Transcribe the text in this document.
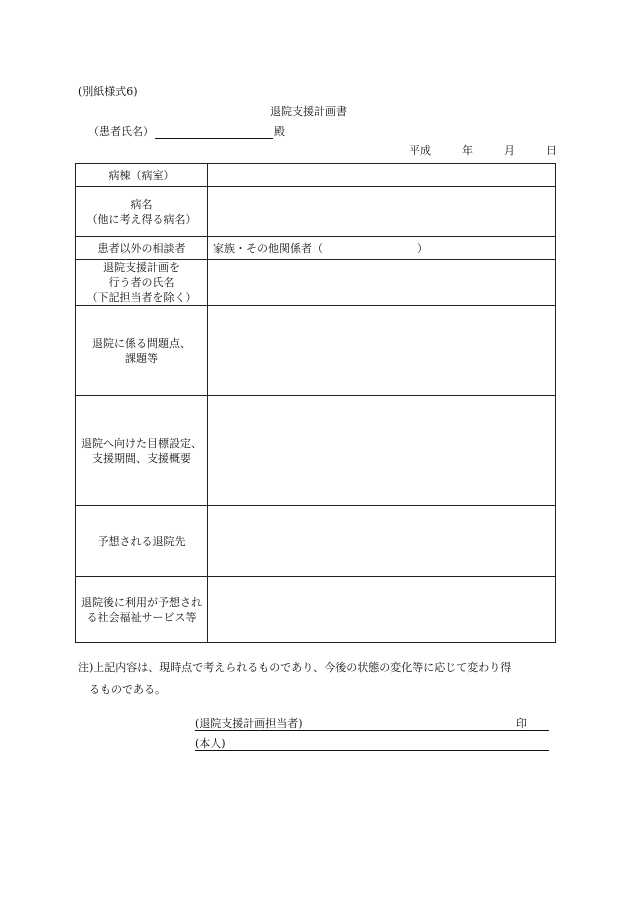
(別紙様式6)
退院支援計画書
（患者氏名）	殿
平成	年	月	日
病棟（病室）	

病名
（他に考え得る病名）	

患者以外の相談者	家族・その他関係者（ ）

退院支援計画を
行う者の氏名
（下記担当者を除く）	

退院に係る問題点、
課題等	

退院へ向けた目標設定、
支援期間、支援概要	

予想される退院先	

退院後に利用が予想され
る社会福祉サービス等	

注)上記内容は、現時点で考えられるものであり、今後の状態の変化等に応じて変わり得
るものである。
(退院支援計画担当者)	印
(本人)
